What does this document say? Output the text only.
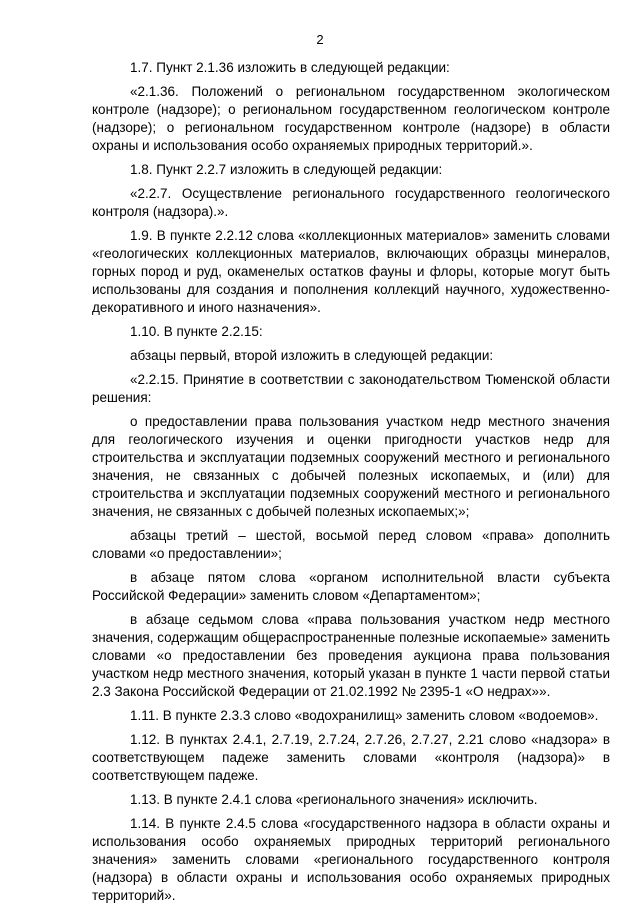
2

1.7. Пункт 2.1.36 изложить в следующей редакции:

«2.1.36. Положений о региональном государственном экологическом контроле (надзоре); о региональном государственном геологическом контроле (надзоре); о региональном государственном контроле (надзоре) в области охраны и использования особо охраняемых природных территорий.».

1.8. Пункт 2.2.7 изложить в следующей редакции:

«2.2.7. Осуществление регионального государственного геологического контроля (надзора).».

1.9. В пункте 2.2.12 слова «коллекционных материалов» заменить словами «геологических коллекционных материалов, включающих образцы минералов, горных пород и руд, окаменелых остатков фауны и флоры, которые могут быть использованы для создания и пополнения коллекций научного, художественно-декоративного и иного назначения».

1.10. В пункте 2.2.15:

абзацы первый, второй изложить в следующей редакции:

«2.2.15. Принятие в соответствии с законодательством Тюменской области решения:

о предоставлении права пользования участком недр местного значения для геологического изучения и оценки пригодности участков недр для строительства и эксплуатации подземных сооружений местного и регионального значения, не связанных с добычей полезных ископаемых, и (или) для строительства и эксплуатации подземных сооружений местного и регионального значения, не связанных с добычей полезных ископаемых;»;

абзацы третий – шестой, восьмой перед словом «права» дополнить словами «о предоставлении»;

в абзаце пятом слова «органом исполнительной власти субъекта Российской Федерации» заменить словом «Департаментом»;

в абзаце седьмом слова «права пользования участком недр местного значения, содержащим общераспространенные полезные ископаемые» заменить словами «о предоставлении без проведения аукциона права пользования участком недр местного значения, который указан в пункте 1 части первой статьи 2.3 Закона Российской Федерации от 21.02.1992 № 2395-1 «О недрах»».

1.11. В пункте 2.3.3 слово «водохранилищ» заменить словом «водоемов».

1.12. В пунктах 2.4.1, 2.7.19, 2.7.24, 2.7.26, 2.7.27, 2.21 слово «надзора» в соответствующем падеже заменить словами «контроля (надзора)» в соответствующем падеже.

1.13. В пункте 2.4.1 слова «регионального значения» исключить.

1.14. В пункте 2.4.5 слова «государственного надзора в области охраны и использования особо охраняемых природных территорий регионального значения» заменить словами «регионального государственного контроля (надзора) в области охраны и использования особо охраняемых природных территорий».
